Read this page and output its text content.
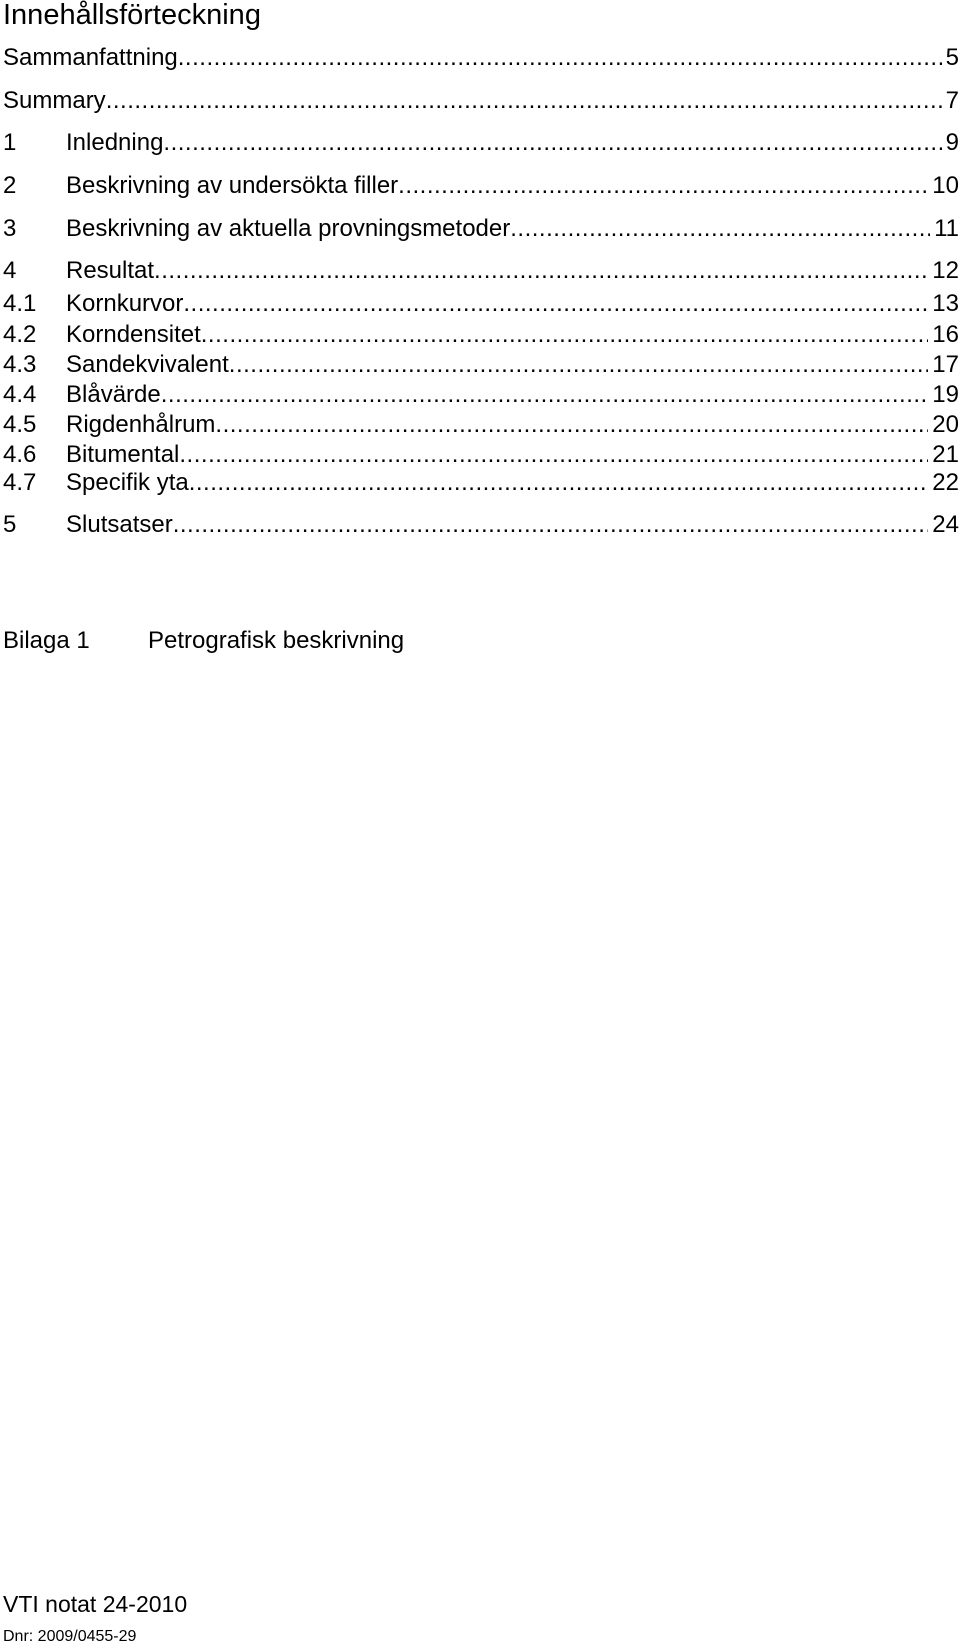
Innehållsförteckning
Sammanfattning .....	5
Summary .....	7
1	Inledning .....	9
2	Beskrivning av undersökta filler .....	10
3	Beskrivning av aktuella provningsmetoder .....	11
4	Resultat .....	12
4.1	Kornkurvor .....	13
4.2	Korndensitet .....	16
4.3	Sandekvivalent .....	17
4.4	Blåvärde .....	19
4.5	Rigdenhålrum .....	20
4.6	Bitumental .....	21
4.7	Specifik yta .....	22
5	Slutsatser .....	24
Bilaga 1	Petrografisk beskrivning
VTI notat 24-2010
Dnr: 2009/0455-29
